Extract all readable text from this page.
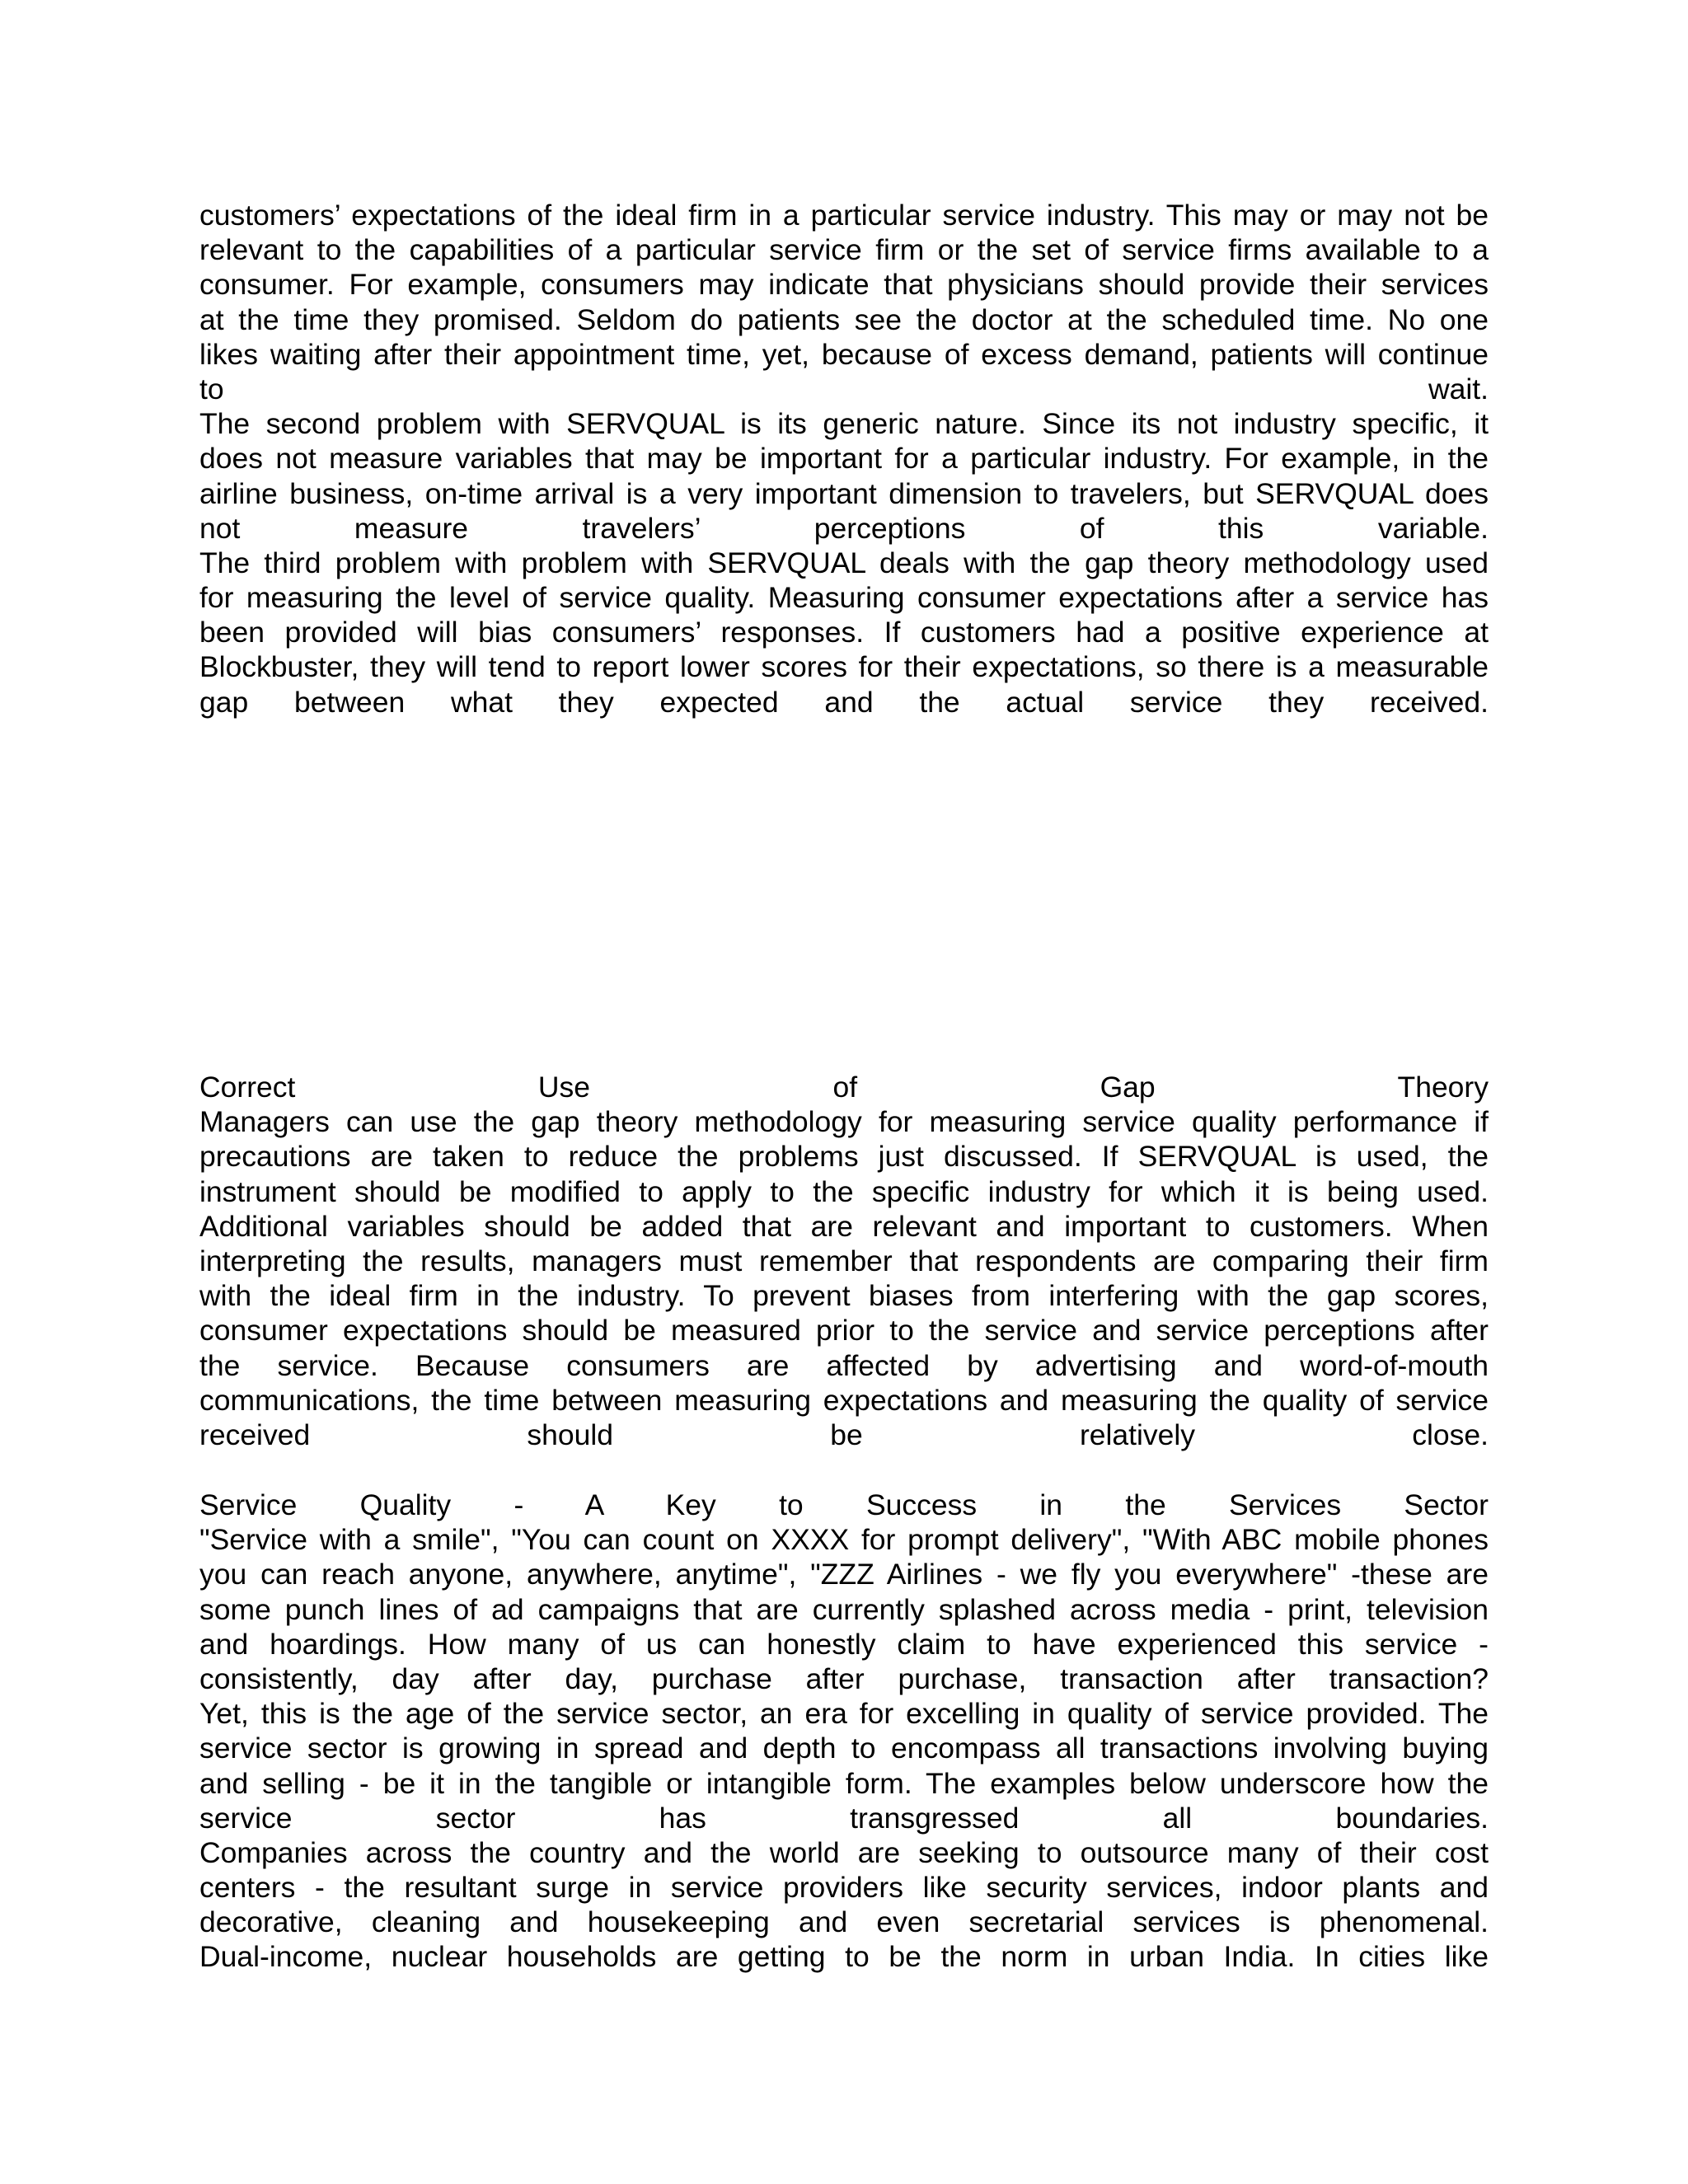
customers’ expectations of the ideal firm in a particular service industry. This may or may not be
relevant to the capabilities of a particular service firm or the set of service firms available to a
consumer. For example, consumers may indicate that physicians should provide their services
at the time they promised. Seldom do patients see the doctor at the scheduled time. No one
likes waiting after their appointment time, yet, because of excess demand, patients will continue
to wait.
The second problem with SERVQUAL is its generic nature. Since its not industry specific, it
does not measure variables that may be important for a particular industry. For example, in the
airline business, on-time arrival is a very important dimension to travelers, but SERVQUAL does
not measure travelers’ perceptions of this variable.
The third problem with problem with SERVQUAL deals with the gap theory methodology used
for measuring the level of service quality. Measuring consumer expectations after a service has
been provided will bias consumers’ responses. If customers had a positive experience at
Blockbuster, they will tend to report lower scores for their expectations, so there is a measurable
gap between what they expected and the actual service they received.
Correct Use of Gap Theory
Managers can use the gap theory methodology for measuring service quality performance if
precautions are taken to reduce the problems just discussed. If SERVQUAL is used, the
instrument should be modified to apply to the specific industry for which it is being used.
Additional variables should be added that are relevant and important to customers. When
interpreting the results, managers must remember that respondents are comparing their firm
with the ideal firm in the industry. To prevent biases from interfering with the gap scores,
consumer expectations should be measured prior to the service and service perceptions after
the service. Because consumers are affected by advertising and word-of-mouth
communications, the time between measuring expectations and measuring the quality of service
received should be relatively close.
Service Quality - A Key to Success in the Services Sector
"Service with a smile", "You can count on XXXX for prompt delivery", "With ABC mobile phones
you can reach anyone, anywhere, anytime", "ZZZ Airlines - we fly you everywhere" -these are
some punch lines of ad campaigns that are currently splashed across media - print, television
and hoardings. How many of us can honestly claim to have experienced this service -
consistently, day after day, purchase after purchase, transaction after transaction?
Yet, this is the age of the service sector, an era for excelling in quality of service provided. The
service sector is growing in spread and depth to encompass all transactions involving buying
and selling - be it in the tangible or intangible form. The examples below underscore how the
service sector has transgressed all boundaries.
Companies across the country and the world are seeking to outsource many of their cost
centers - the resultant surge in service providers like security services, indoor plants and
decorative, cleaning and housekeeping and even secretarial services is phenomenal.
Dual-income, nuclear households are getting to be the norm in urban India. In cities like
